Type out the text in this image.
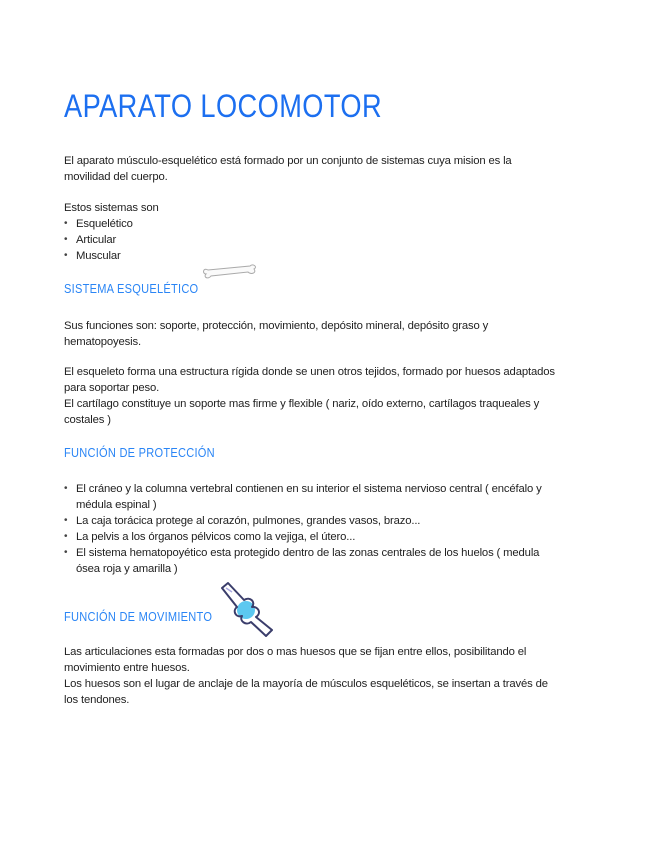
APARATO LOCOMOTOR
El aparato músculo-esquelético está formado por un conjunto de sistemas cuya mision es la
movilidad del cuerpo.
Estos sistemas son
• Esquelético
• Articular
• Muscular
SISTEMA ESQUELÉTICO
Sus funciones son: soporte, protección, movimiento, depósito mineral, depósito graso y
hematopoyesis.
El esqueleto forma una estructura rígida donde se unen otros tejidos, formado por huesos adaptados
para soportar peso.
El cartílago constituye un soporte mas firme y flexible ( nariz, oído externo, cartílagos traqueales y
costales )
FUNCIÓN DE PROTECCIÓN
• El cráneo y la columna vertebral contienen en su interior el sistema nervioso central ( encéfalo y
médula espinal )
• La caja torácica protege al corazón, pulmones, grandes vasos, brazo...
• La pelvis a los órganos pélvicos como la vejiga, el útero...
• El sistema hematopoyético esta protegido dentro de las zonas centrales de los huelos ( medula
ósea roja y amarilla )
FUNCIÓN DE MOVIMIENTO
Las articulaciones esta formadas por dos o mas huesos que se fijan entre ellos, posibilitando el
movimiento entre huesos.
Los huesos son el lugar de anclaje de la mayoría de músculos esqueléticos, se insertan a través de
los tendones.
